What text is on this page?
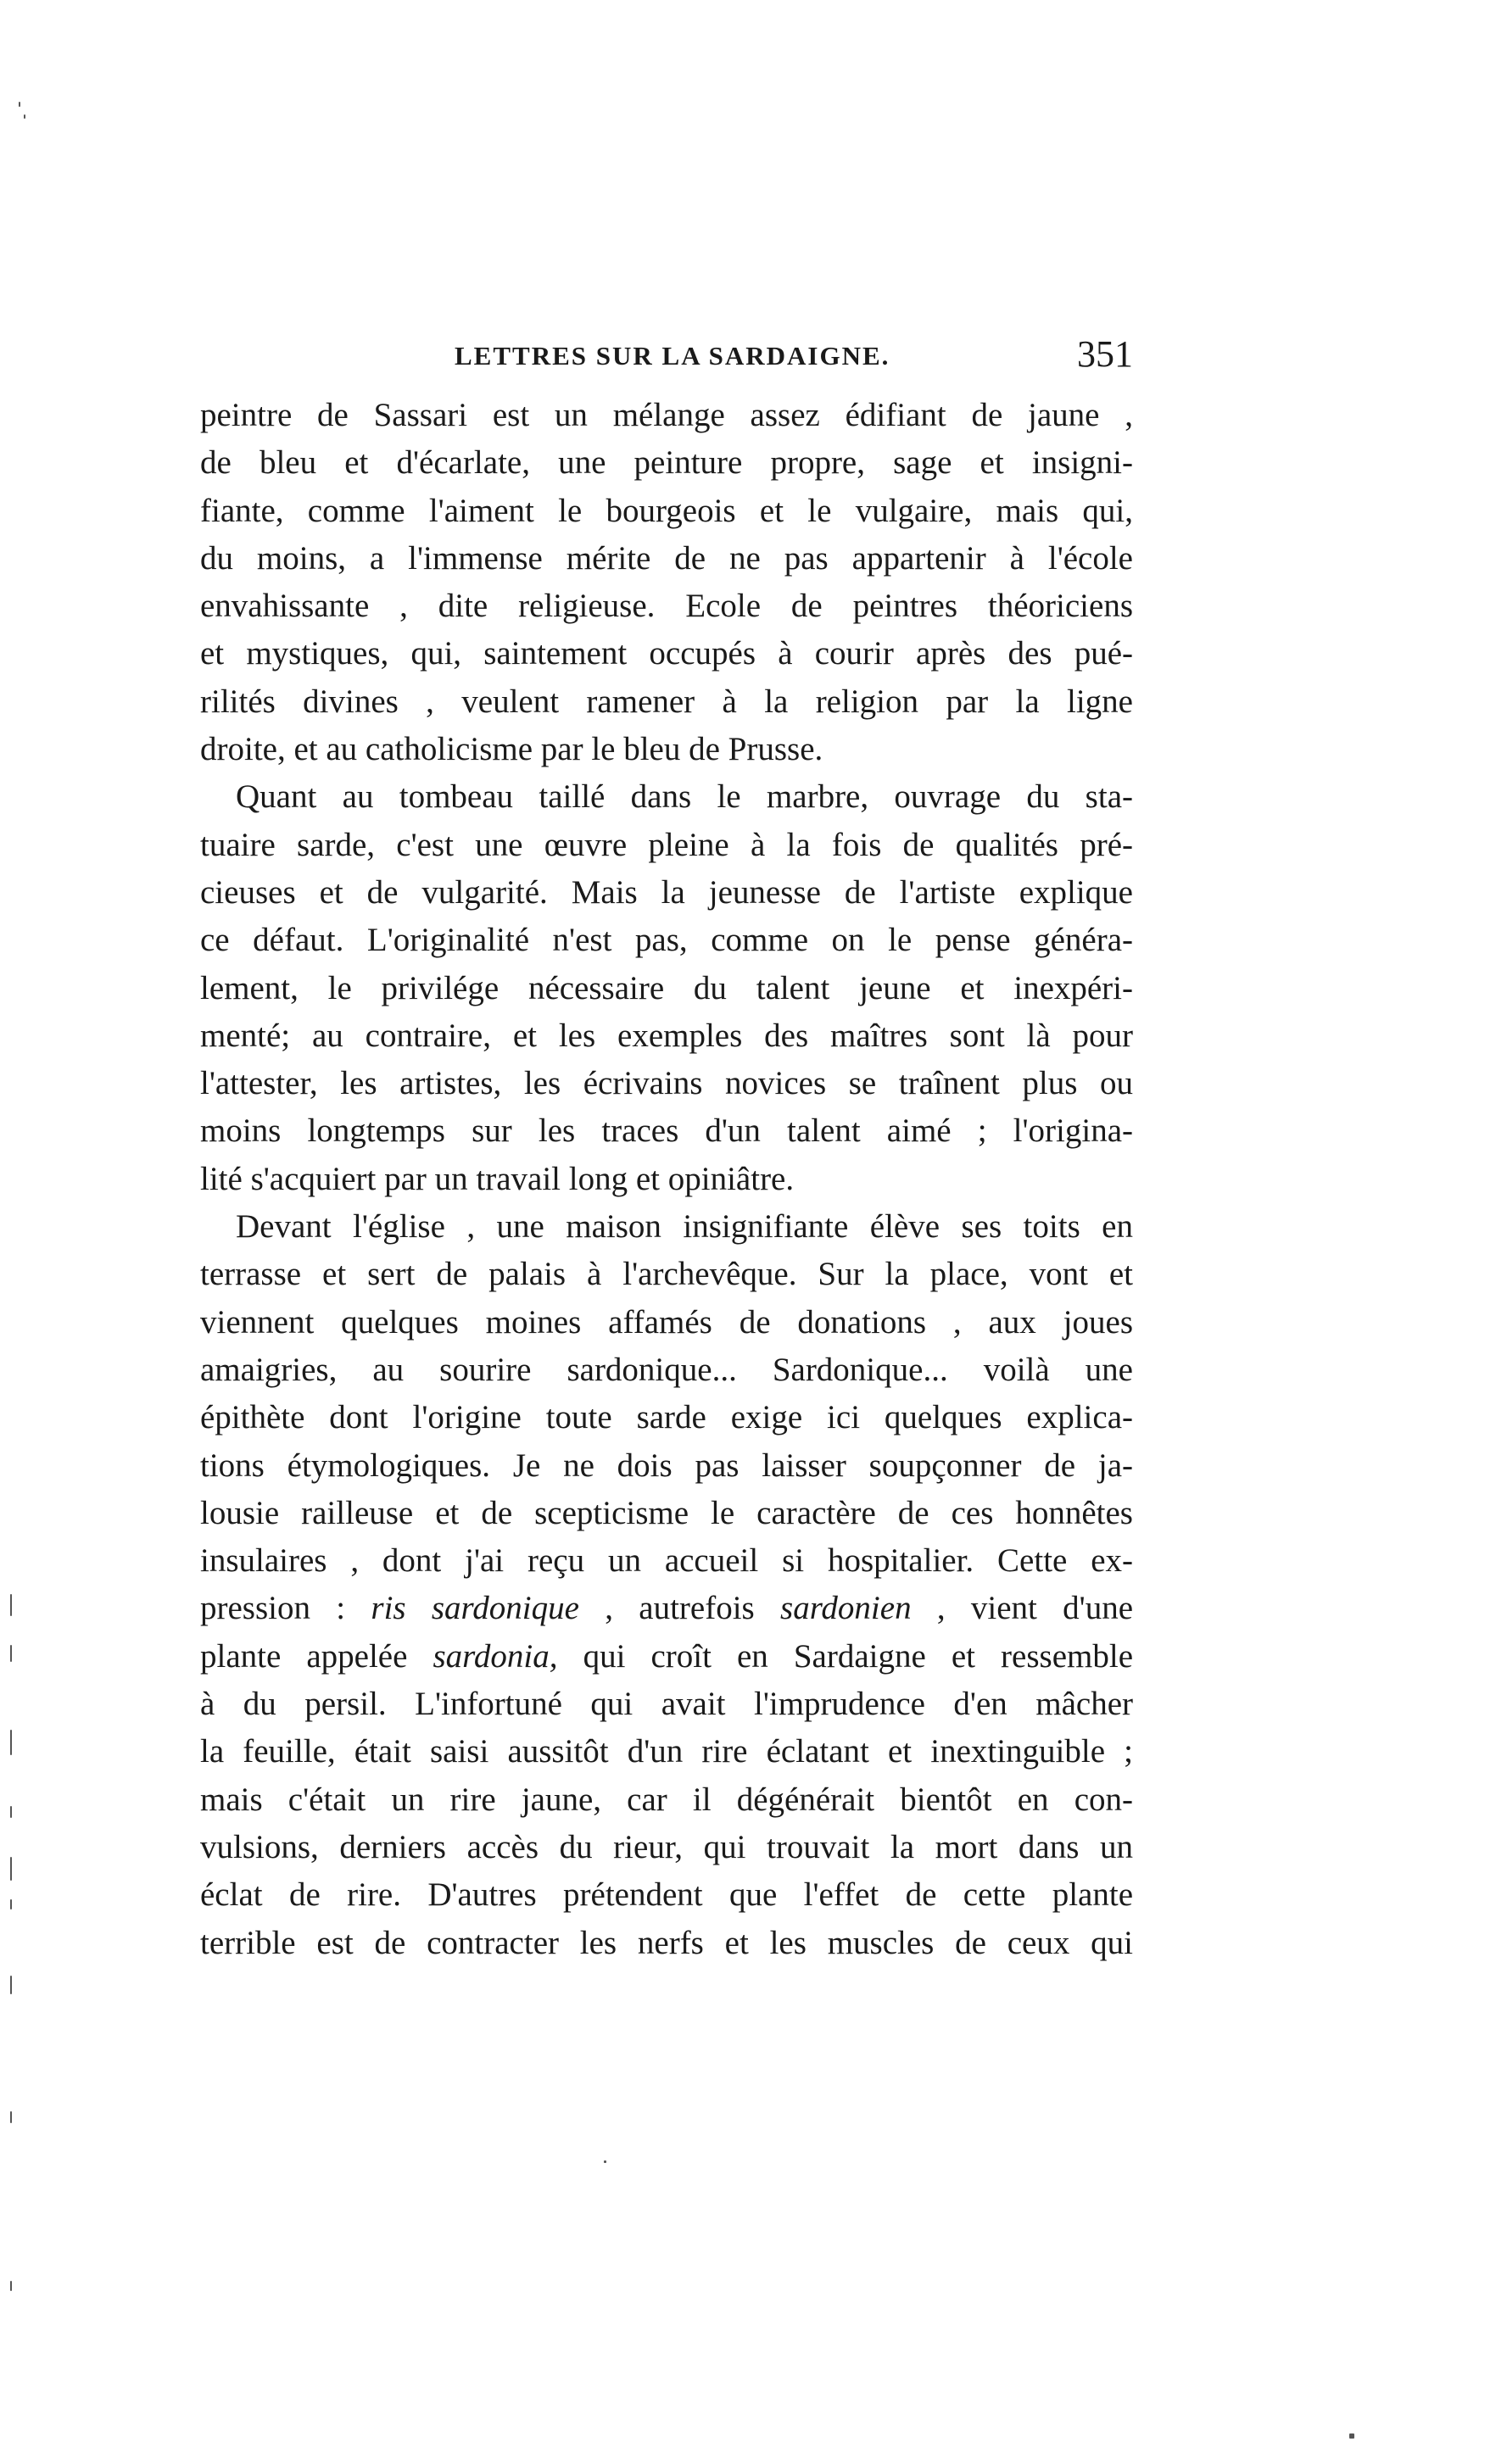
LETTRES SUR LA SARDAIGNE.	351
peintre de Sassari est un mélange assez édifiant de jaune ,
de bleu et d'écarlate, une peinture propre, sage et insigni-
fiante, comme l'aiment le bourgeois et le vulgaire, mais qui,
du moins, a l'immense mérite de ne pas appartenir à l'école
envahissante , dite religieuse. Ecole de peintres théoriciens
et mystiques, qui, saintement occupés à courir après des pué-
rilités divines , veulent ramener à la religion par la ligne
droite, et au catholicisme par le bleu de Prusse.
Quant au tombeau taillé dans le marbre, ouvrage du sta-
tuaire sarde, c'est une œuvre pleine à la fois de qualités pré-
cieuses et de vulgarité. Mais la jeunesse de l'artiste explique
ce défaut. L'originalité n'est pas, comme on le pense généra-
lement, le privilége nécessaire du talent jeune et inexpéri-
menté; au contraire, et les exemples des maîtres sont là pour
l'attester, les artistes, les écrivains novices se traînent plus ou
moins longtemps sur les traces d'un talent aimé ; l'origina-
lité s'acquiert par un travail long et opiniâtre.
Devant l'église , une maison insignifiante élève ses toits en
terrasse et sert de palais à l'archevêque. Sur la place, vont et
viennent quelques moines affamés de donations , aux joues
amaigries, au sourire sardonique... Sardonique... voilà une
épithète dont l'origine toute sarde exige ici quelques explica-
tions étymologiques. Je ne dois pas laisser soupçonner de ja-
lousie railleuse et de scepticisme le caractère de ces honnêtes
insulaires , dont j'ai reçu un accueil si hospitalier. Cette ex-
pression : ris sardonique , autrefois sardonien , vient d'une
plante appelée sardonia, qui croît en Sardaigne et ressemble
à du persil. L'infortuné qui avait l'imprudence d'en mâcher
la feuille, était saisi aussitôt d'un rire éclatant et inextinguible ;
mais c'était un rire jaune, car il dégénérait bientôt en con-
vulsions, derniers accès du rieur, qui trouvait la mort dans un
éclat de rire. D'autres prétendent que l'effet de cette plante
terrible est de contracter les nerfs et les muscles de ceux qui
